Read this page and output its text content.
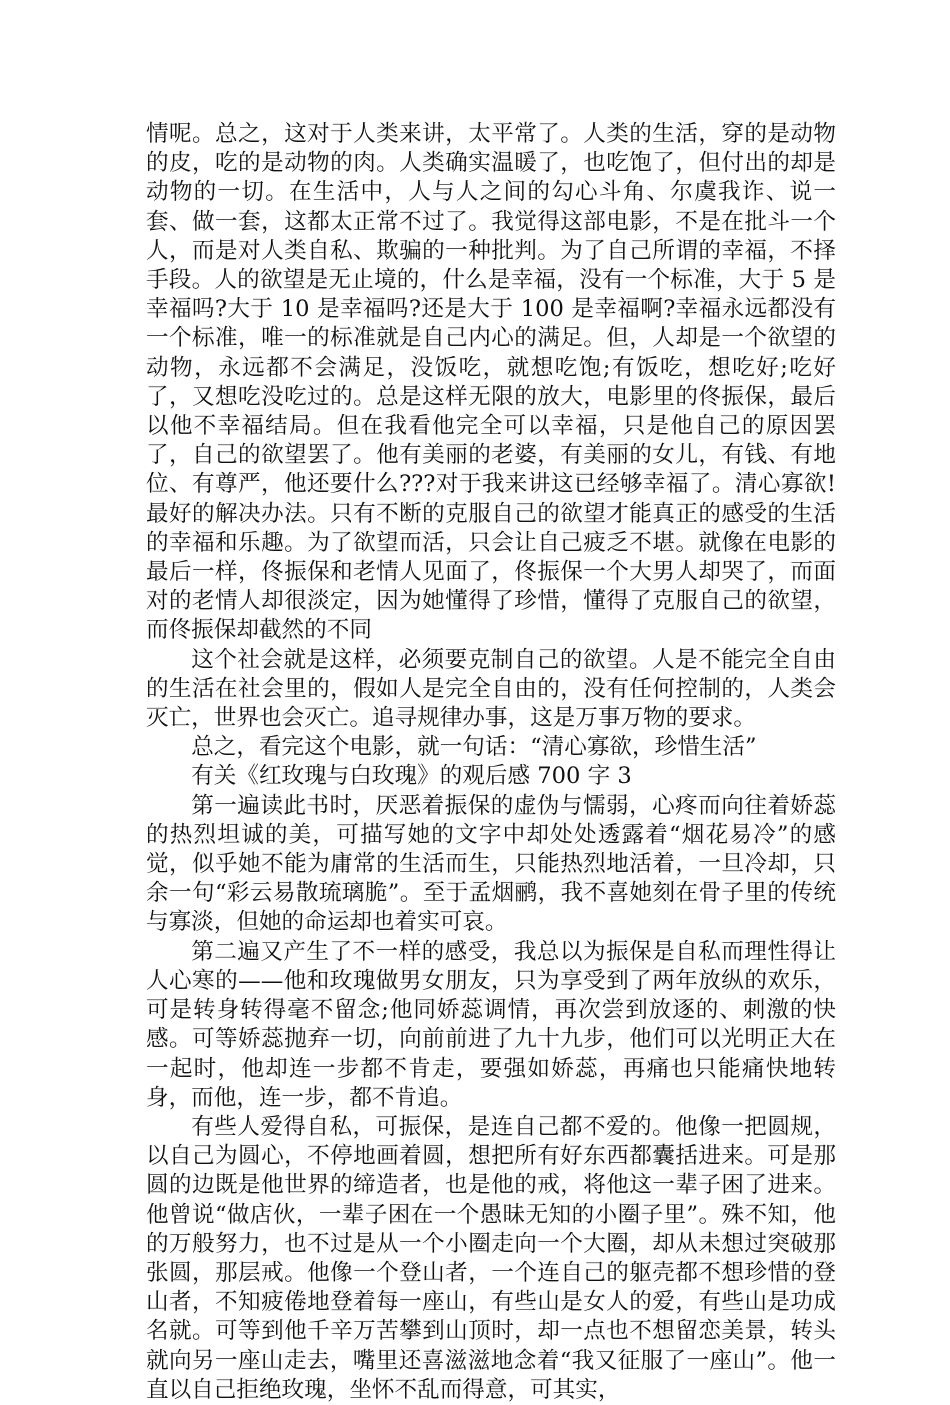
情呢。总之，这对于人类来讲，太平常了。人类的生活，穿的是动物的皮，吃的是动物的肉。人类确实温暖了，也吃饱了，但付出的却是动物的一切。在生活中，人与人之间的勾心斗角、尔虞我诈、说一套、做一套，这都太正常不过了。我觉得这部电影，不是在批斗一个人，而是对人类自私、欺骗的一种批判。为了自己所谓的幸福，不择手段。人的欲望是无止境的，什么是幸福，没有一个标准，大于 5 是幸福吗?大于 10 是幸福吗?还是大于 100 是幸福啊?幸福永远都没有一个标准，唯一的标准就是自己内心的满足。但，人却是一个欲望的动物，永远都不会满足，没饭吃，就想吃饱;有饭吃，想吃好;吃好了，又想吃没吃过的。总是这样无限的放大，电影里的佟振保，最后以他不幸福结局。但在我看他完全可以幸福，只是他自己的原因罢了，自己的欲望罢了。他有美丽的老婆，有美丽的女儿，有钱、有地位、有尊严，他还要什么???对于我来讲这已经够幸福了。清心寡欲!最好的解决办法。只有不断的克服自己的欲望才能真正的感受的生活的幸福和乐趣。为了欲望而活，只会让自己疲乏不堪。就像在电影的最后一样，佟振保和老情人见面了，佟振保一个大男人却哭了，而面对的老情人却很淡定，因为她懂得了珍惜，懂得了克服自己的欲望，而佟振保却截然的不同

这个社会就是这样，必须要克制自己的欲望。人是不能完全自由的生活在社会里的，假如人是完全自由的，没有任何控制的，人类会灭亡，世界也会灭亡。追寻规律办事，这是万事万物的要求。

总之，看完这个电影，就一句话：“清心寡欲，珍惜生活”

有关《红玫瑰与白玫瑰》的观后感 700 字 3

第一遍读此书时，厌恶着振保的虚伪与懦弱，心疼而向往着娇蕊的热烈坦诚的美，可描写她的文字中却处处透露着“烟花易冷”的感觉，似乎她不能为庸常的生活而生，只能热烈地活着，一旦冷却，只余一句“彩云易散琉璃脆”。至于孟烟鹂，我不喜她刻在骨子里的传统与寡淡，但她的命运却也着实可哀。

第二遍又产生了不一样的感受，我总以为振保是自私而理性得让人心寒的——他和玫瑰做男女朋友，只为享受到了两年放纵的欢乐，可是转身转得毫不留念;他同娇蕊调情，再次尝到放逐的、刺激的快感。可等娇蕊抛弃一切，向前前进了九十九步，他们可以光明正大在一起时，他却连一步都不肯走，要强如娇蕊，再痛也只能痛快地转身，而他，连一步，都不肯追。

有些人爱得自私，可振保，是连自己都不爱的。他像一把圆规，以自己为圆心，不停地画着圆，想把所有好东西都囊括进来。可是那圆的边既是他世界的缔造者，也是他的戒，将他这一辈子困了进来。他曾说“做店伙，一辈子困在一个愚昧无知的小圈子里”。殊不知，他的万般努力，也不过是从一个小圈走向一个大圈，却从未想过突破那张圆，那层戒。他像一个登山者，一个连自己的躯壳都不想珍惜的登山者，不知疲倦地登着每一座山，有些山是女人的爱，有些山是功成名就。可等到他千辛万苦攀到山顶时，却一点也不想留恋美景，转头就向另一座山走去，嘴里还喜滋滋地念着“我又征服了一座山”。他一直以自己拒绝玫瑰，坐怀不乱而得意，可其实，
